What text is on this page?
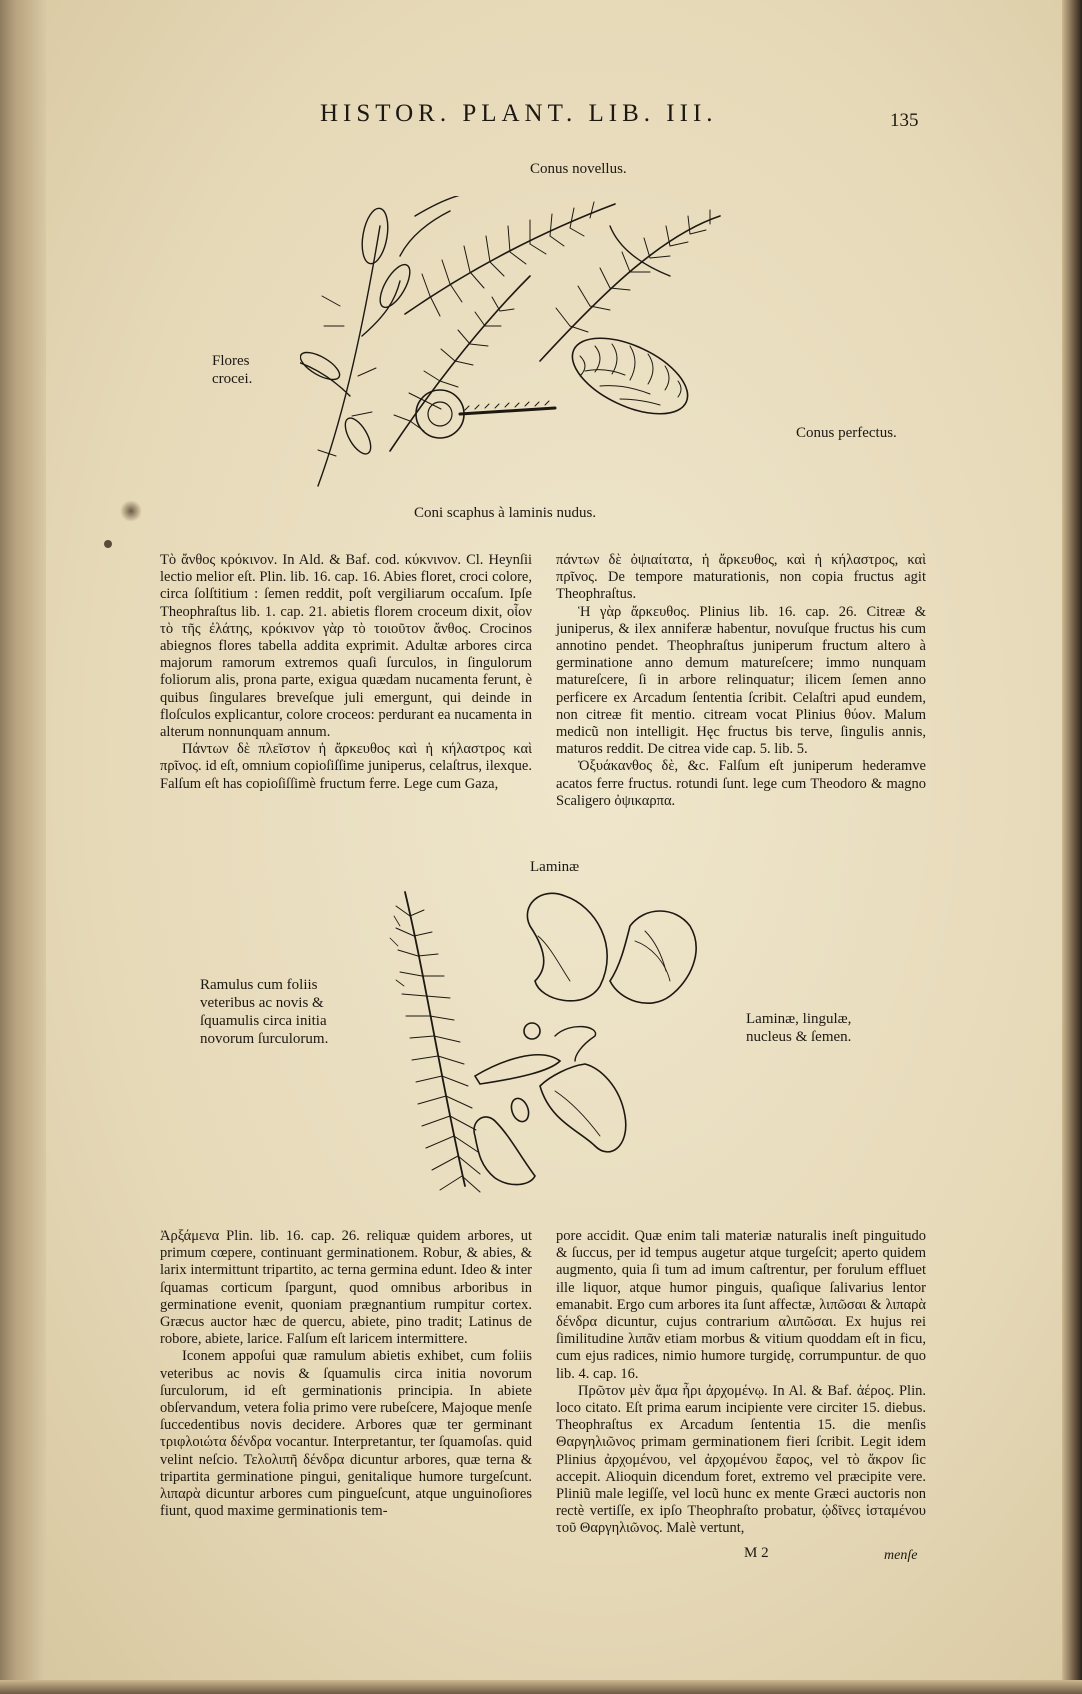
HISTOR. PLANT. LIB. III.	135
Conus novellus.
Flores crocei.
Conus perfectus.
Coni scaphus à laminis nudus.

Τὸ ἄνθος κρόκινον. In Ald. & Baf. cod. κύκνινον. Cl. Heynſii lectio melior eſt. Plin. lib. 16. cap. 16. Abies floret, croci colore, circa ſolſtitium : ſemen reddit, poſt vergiliarum occaſum. Ipſe Theophraſtus lib. 1. cap. 21. abietis florem croceum dixit, οἷον τὸ τῆς ἐλάτης, κρόκινον γὰρ τὸ τοιοῦτον ἄνθος. Crocinos abiegnos flores tabella addita exprimit. Adultæ arbores circa majorum ramorum extremos quaſi ſurculos, in ſingulorum foliorum alis, prona parte, exigua quædam nucamenta ferunt, è quibus ſingulares breveſque juli emergunt, qui deinde in floſculos explicantur, colore croceos: perdurant ea nucamenta in alterum nonnunquam annum.

Πάντων δὲ πλεῖστον ἡ ἄρκευθος καὶ ἡ κήλαστρος καὶ πρῖνος. id eſt, omnium copioſiſſime juniperus, celaſtrus, ilexque. Falſum eſt has copioſiſſimè fructum ferre. Lege cum Gaza,

πάντων δὲ ὀψιαίτατα, ἡ ἄρκευθος, καὶ ἡ κήλαστρος, καὶ πρῖνος. De tempore maturationis, non copia fructus agit Theophraſtus.

Ἡ γὰρ ἄρκευθος. Plinius lib. 16. cap. 26. Citreæ & juniperus, & ilex anniferæ habentur, novuſque fructus his cum annotino pendet. Theophraſtus juniperum fructum altero à germinatione anno demum matureſcere; immo nunquam matureſcere, ſi in arbore relinquatur; ilicem ſemen anno perficere ex Arcadum ſententia ſcribit. Celaſtri apud eundem, non citreæ fit mentio. citream vocat Plinius θύον. Malum medicũ non intelligit. Hęc fructus bis terve, ſingulis annis, maturos reddit. De citrea vide cap. 5. lib. 5.

Ὀξυάκανθος δὲ, &c. Falſum eſt juniperum hederamve acatos ferre fructus. rotundi ſunt. lege cum Theodoro & magno Scaligero ὀψικαρπα.

Laminæ
Ramulus cum foliis veteribus ac novis & ſquamulis circa initia novorum ſurculorum.
Laminæ, lingulæ, nucleus & ſemen.

Ἀρξάμενα Plin. lib. 16. cap. 26. reliquæ quidem arbores, ut primum cœpere, continuant germinationem. Robur, & abies, & larix intermittunt tripartito, ac terna germina edunt. Ideo & inter ſquamas corticum ſpargunt, quod omnibus arboribus in germinatione evenit, quoniam prægnantium rumpitur cortex. Græcus auctor hæc de quercu, abiete, pino tradit; Latinus de robore, abiete, larice. Falſum eſt laricem intermittere.

Iconem appoſui quæ ramulum abietis exhibet, cum foliis veteribus ac novis & ſquamulis circa initia novorum ſurculorum, id eſt germinationis principia. In abiete obſervandum, vetera folia primo vere rubeſcere, Majoque menſe ſuccedentibus novis decidere. Arbores quæ ter germinant τριφλοιώτα δένδρα vocantur. Interpretantur, ter ſquamoſas. quid velint neſcio. Τελολιπῆ δένδρα dicuntur arbores, quæ terna & tripartita germinatione pingui, genitalique humore turgeſcunt. λιπαρὰ dicuntur arbores cum pingueſcunt, atque unguinoſiores fiunt, quod maxime germinationis tem-

pore accidit. Quæ enim tali materiæ naturalis ineſt pinguitudo & ſuccus, per id tempus augetur atque turgeſcit; aperto quidem augmento, quia ſi tum ad imum caſtrentur, per forulum effluet ille liquor, atque humor pinguis, quaſique ſalivarius lentor emanabit. Ergo cum arbores ita ſunt affectæ, λιπῶσαι & λιπαρὰ δένδρα dicuntur, cujus contrarium αλιπῶσαι. Ex hujus rei ſimilitudine λιπᾶν etiam morbus & vitium quoddam eſt in ficu, cum ejus radices, nimio humore turgidę, corrumpuntur. de quo lib. 4. cap. 16.

Πρῶτον μὲν ἅμα ἦρι ἀρχομένῳ. In Al. & Baf. ἀέρος. Plin. loco citato. Eſt prima earum incipiente vere circiter 15. diebus. Theophraſtus ex Arcadum ſententia 15. die menſis Θαργηλιῶνος primam germinationem fieri ſcribit. Legit idem Plinius ἀρχομένου, vel ἀρχομένου ἔαρος, vel τὸ ἄκρον ſic accepit. Alioquin dicendum foret, extremo vel præcipite vere. Pliniũ male legiſſe, vel locũ hunc ex mente Græci auctoris non rectè vertiſſe, ex ipſo Theophraſto probatur, ᾠδῖνες ἱσταμένου τοῦ Θαργηλιῶνος. Malè vertunt,

M 2	menſe
